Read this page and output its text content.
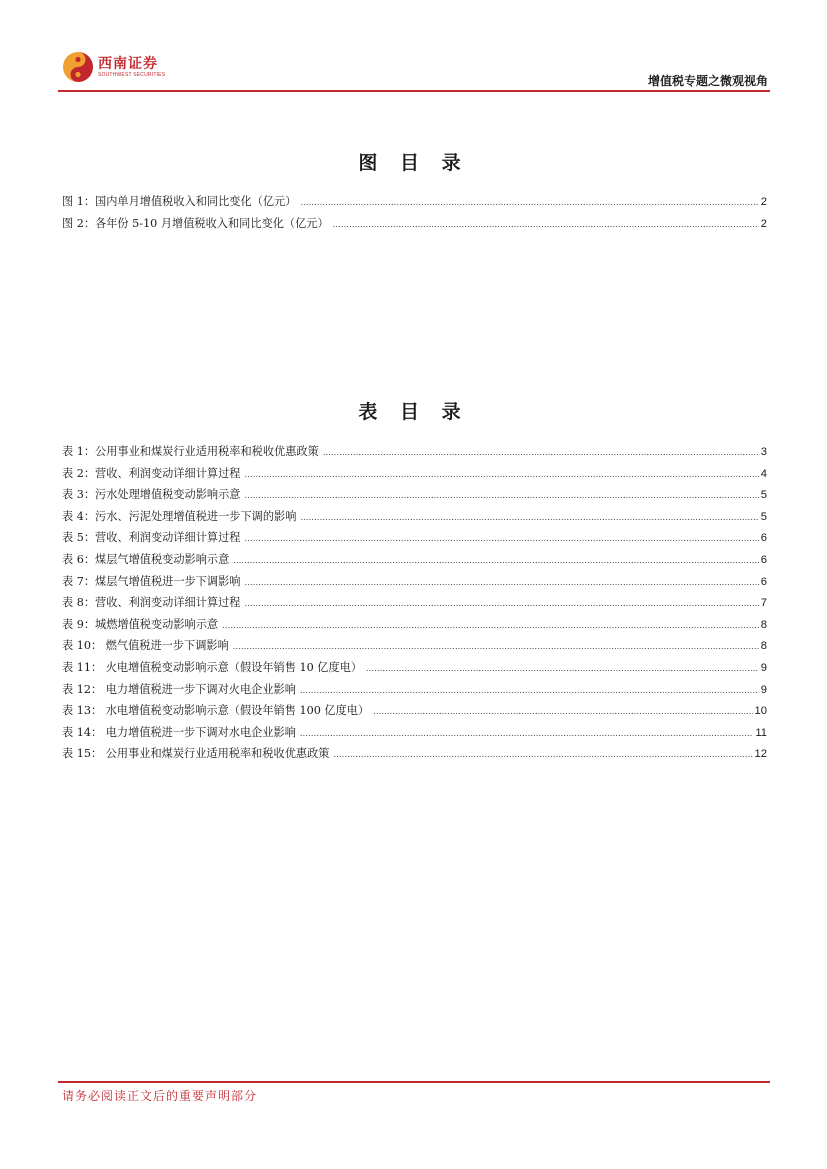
西南证券
SOUTHWEST SECURITIES	增值税专题之微观视角
图 目 录
图 1：国内单月增值税收入和同比变化（亿元） .....	2
图 2：各年份 5-10 月增值税收入和同比变化（亿元） .....	2
表 目 录
表 1：公用事业和煤炭行业适用税率和税收优惠政策 .....	3
表 2：营收、利润变动详细计算过程 .....	4
表 3：污水处理增值税变动影响示意 .....	5
表 4：污水、污泥处理增值税进一步下调的影响 .....	5
表 5：营收、利润变动详细计算过程 .....	6
表 6：煤层气增值税变动影响示意 .....	6
表 7：煤层气增值税进一步下调影响 .....	6
表 8：营收、利润变动详细计算过程 .....	7
表 9：城燃增值税变动影响示意 .....	8
表 10： 燃气值税进一步下调影响 .....	8
表 11： 火电增值税变动影响示意（假设年销售 10 亿度电） .....	9
表 12： 电力增值税进一步下调对火电企业影响 .....	9
表 13： 水电增值税变动影响示意（假设年销售 100 亿度电） .....	10
表 14： 电力增值税进一步下调对水电企业影响 .....	11
表 15： 公用事业和煤炭行业适用税率和税收优惠政策 .....	12
请务必阅读正文后的重要声明部分
